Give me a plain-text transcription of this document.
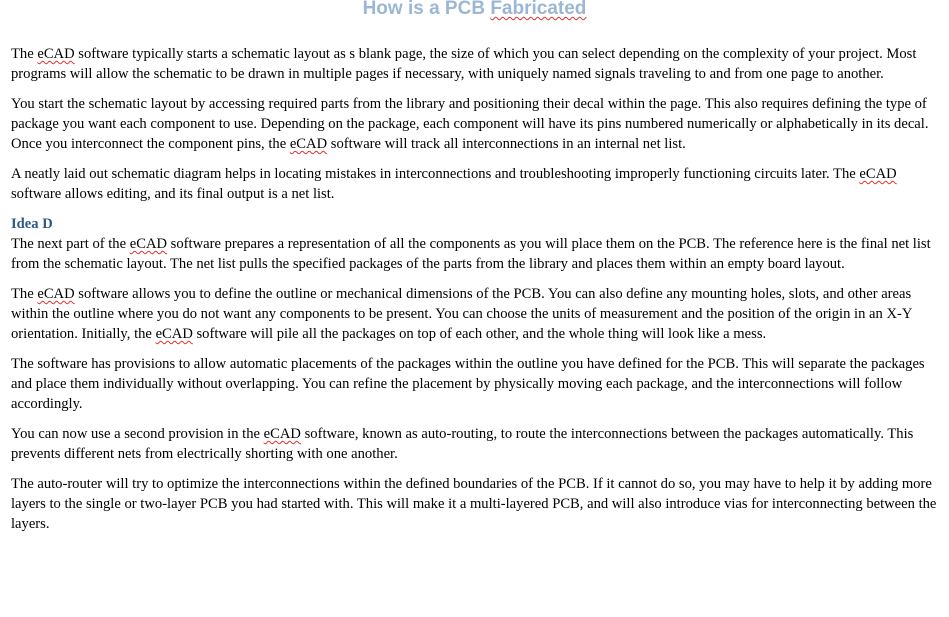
How is a PCB Fabricated

The eCAD software typically starts a schematic layout as s blank page, the size of which you can select depending on the complexity of your project. Most programs will allow the schematic to be drawn in multiple pages if necessary, with uniquely named signals traveling to and from one page to another.

You start the schematic layout by accessing required parts from the library and positioning their decal within the page. This also requires defining the type of package you want each component to use. Depending on the package, each component will have its pins numbered numerically or alphabetically in its decal. Once you interconnect the component pins, the eCAD software will track all interconnections in an internal net list.

A neatly laid out schematic diagram helps in locating mistakes in interconnections and troubleshooting improperly functioning circuits later. The eCAD software allows editing, and its final output is a net list.

Idea D

The next part of the eCAD software prepares a representation of all the components as you will place them on the PCB. The reference here is the final net list from the schematic layout. The net list pulls the specified packages of the parts from the library and places them within an empty board layout.

The eCAD software allows you to define the outline or mechanical dimensions of the PCB. You can also define any mounting holes, slots, and other areas within the outline where you do not want any components to be present. You can choose the units of measurement and the position of the origin in an X-Y orientation. Initially, the eCAD software will pile all the packages on top of each other, and the whole thing will look like a mess.

The software has provisions to allow automatic placements of the packages within the outline you have defined for the PCB. This will separate the packages and place them individually without overlapping. You can refine the placement by physically moving each package, and the interconnections will follow accordingly.

You can now use a second provision in the eCAD software, known as auto-routing, to route the interconnections between the packages automatically. This prevents different nets from electrically shorting with one another.

The auto-router will try to optimize the interconnections within the defined boundaries of the PCB. If it cannot do so, you may have to help it by adding more layers to the single or two-layer PCB you had started with. This will make it a multi-layered PCB, and will also introduce vias for interconnecting between the layers.
